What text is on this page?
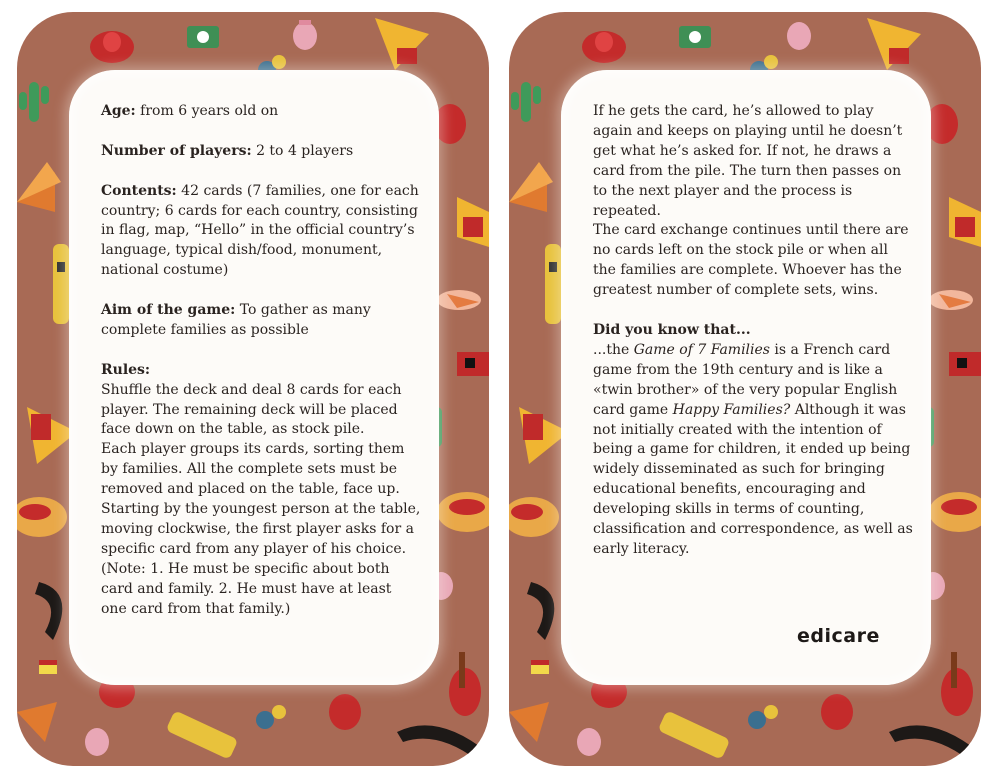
Age: from 6 years old on

Number of players: 2 to 4 players

Contents: 42 cards (7 families, one for each country; 6 cards for each country, consisting in flag, map, “Hello” in the official country’s language, typical dish/food, monument, national costume)

Aim of the game: To gather as many complete families as possible

Rules:
Shuffle the deck and deal 8 cards for each player. The remaining deck will be placed face down on the table, as stock pile.
Each player groups its cards, sorting them by families. All the complete sets must be removed and placed on the table, face up.
Starting by the youngest person at the table, moving clockwise, the first player asks for a specific card from any player of his choice. (Note: 1. He must be specific about both card and family. 2. He must have at least one card from that family.)
If he gets the card, he’s allowed to play again and keeps on playing until he doesn’t get what he’s asked for. If not, he draws a card from the pile. The turn then passes on to the next player and the process is repeated.
The card exchange continues until there are no cards left on the stock pile or when all the families are complete. Whoever has the greatest number of complete sets, wins.

Did you know that...
...the Game of 7 Families is a French card game from the 19th century and is like a «twin brother» of the very popular English card game Happy Families? Although it was not initially created with the intention of being a game for children, it ended up being widely disseminated as such for bringing educational benefits, encouraging and developing skills in terms of counting, classification and correspondence, as well as early literacy.
edicare
